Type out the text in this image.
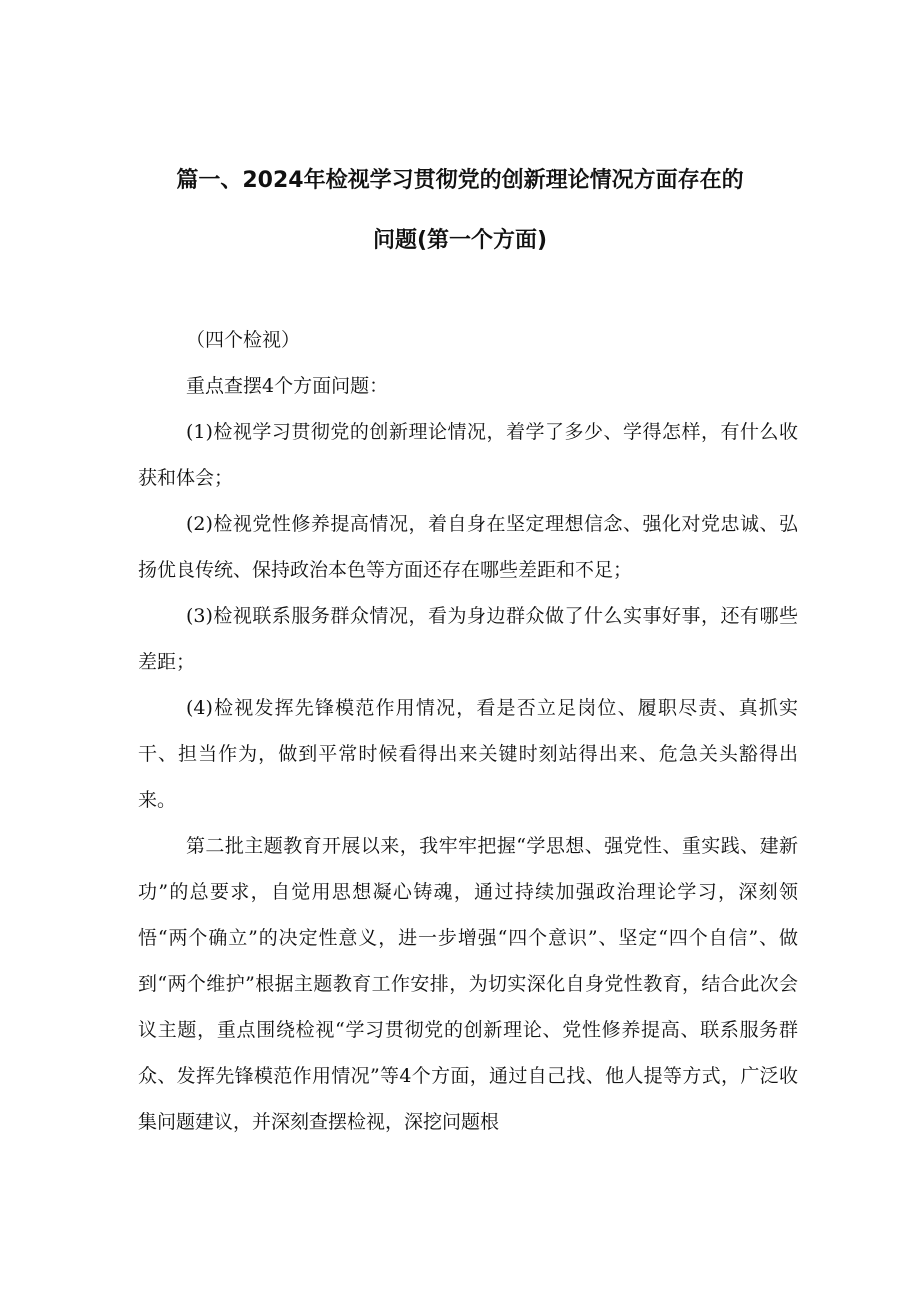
篇一、2024年检视学习贯彻党的创新理论情况方面存在的
问题(第一个方面)

（四个检视）

重点查摆4个方面问题：

(1)检视学习贯彻党的创新理论情况，着学了多少、学得怎样，有什么收获和体会；

(2)检视党性修养提高情况，着自身在坚定理想信念、强化对党忠诚、弘扬优良传统、保持政治本色等方面还存在哪些差距和不足；

(3)检视联系服务群众情况，看为身边群众做了什么实事好事，还有哪些差距；

(4)检视发挥先锋模范作用情况，看是否立足岗位、履职尽责、真抓实干、担当作为，做到平常时候看得出来关键时刻站得出来、危急关头豁得出来。

第二批主题教育开展以来，我牢牢把握“学思想、强党性、重实践、建新功”的总要求，自觉用思想凝心铸魂，通过持续加强政治理论学习，深刻领悟“两个确立”的决定性意义，进一步增强“四个意识”、坚定“四个自信”、做到“两个维护”根据主题教育工作安排，为切实深化自身党性教育，结合此次会议主题，重点围绕检视“学习贯彻党的创新理论、党性修养提高、联系服务群众、发挥先锋模范作用情况”等4个方面，通过自己找、他人提等方式，广泛收集问题建议，并深刻查摆检视，深挖问题根
